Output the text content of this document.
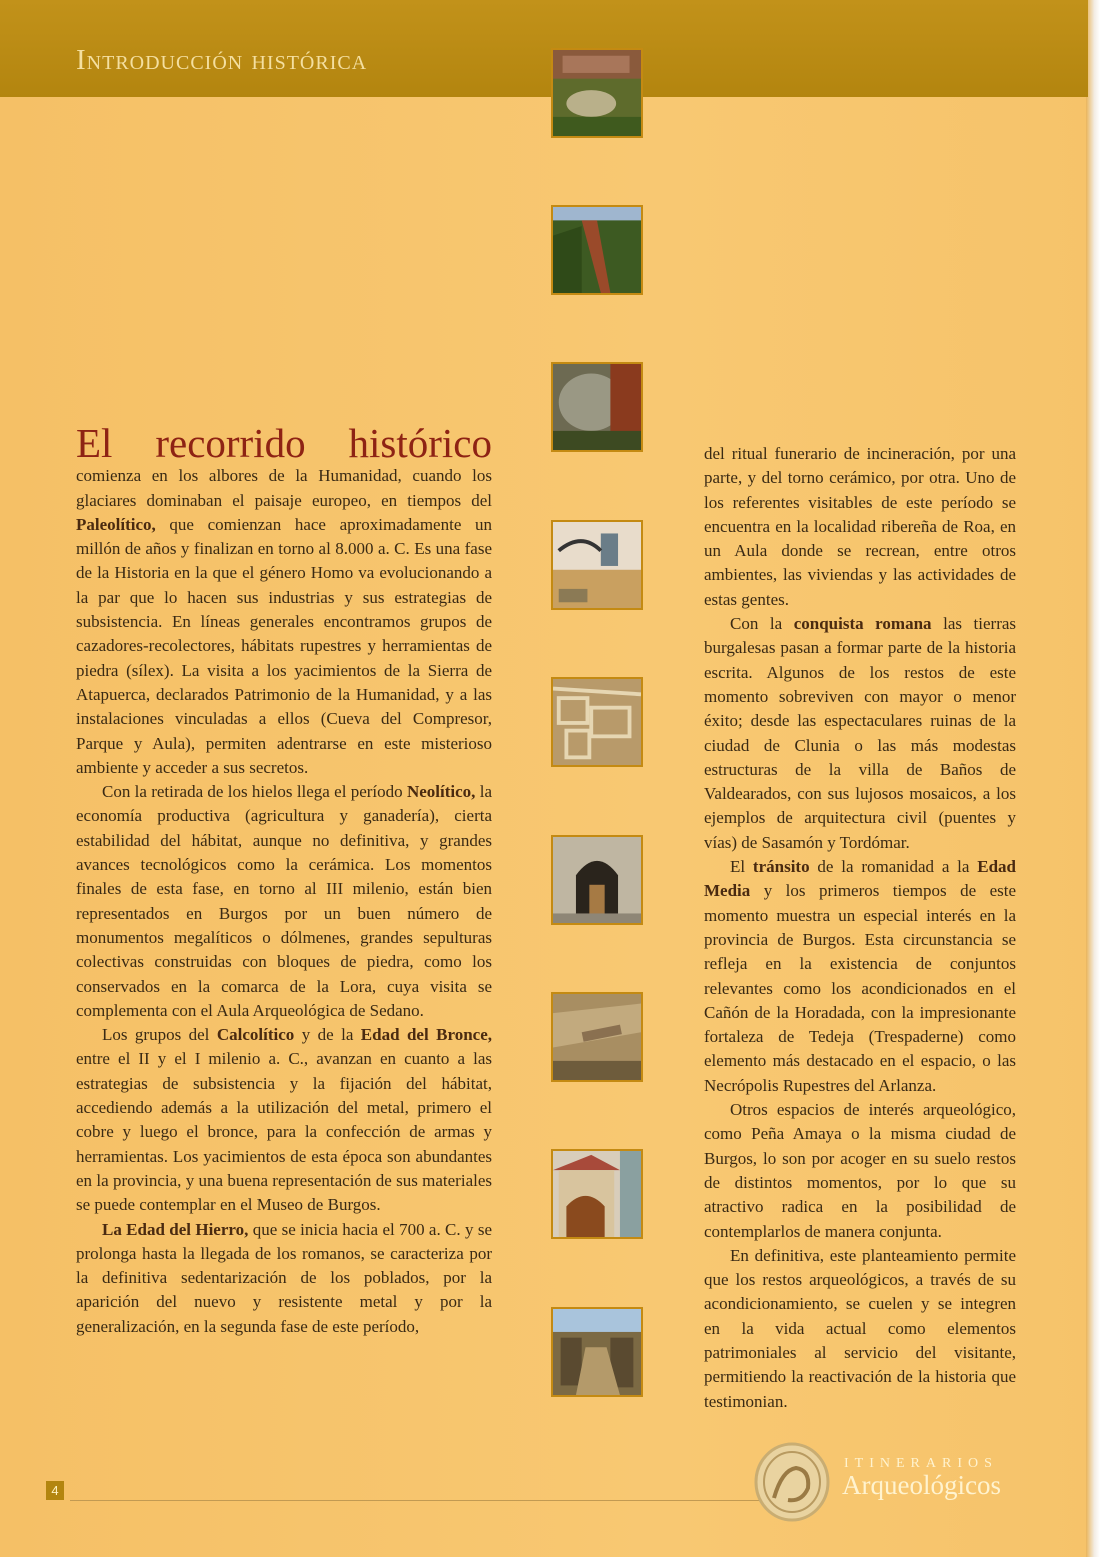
Introducción histórica

El recorrido histórico comienza en los albores de la Humanidad, cuando los glaciares dominaban el paisaje europeo, en tiempos del Paleolítico, que comienzan hace aproximadamente un millón de años y finalizan en torno al 8.000 a. C. Es una fase de la Historia en la que el género Homo va evolucionando a la par que lo hacen sus industrias y sus estrategias de subsistencia. En líneas generales encontramos grupos de cazadores-recolectores, hábitats rupestres y herramientas de piedra (sílex). La visita a los yacimientos de la Sierra de Atapuerca, declarados Patrimonio de la Humanidad, y a las instalaciones vinculadas a ellos (Cueva del Compresor, Parque y Aula), permiten adentrarse en este misterioso ambiente y acceder a sus secretos.

Con la retirada de los hielos llega el período Neolítico, la economía productiva (agricultura y ganadería), cierta estabilidad del hábitat, aunque no definitiva, y grandes avances tecnológicos como la cerámica. Los momentos finales de esta fase, en torno al III milenio, están bien representados en Burgos por un buen número de monumentos megalíticos o dólmenes, grandes sepulturas colectivas construidas con bloques de piedra, como los conservados en la comarca de la Lora, cuya visita se complementa con el Aula Arqueológica de Sedano.

Los grupos del Calcolítico y de la Edad del Bronce, entre el II y el I milenio a. C., avanzan en cuanto a las estrategias de subsistencia y la fijación del hábitat, accediendo además a la utilización del metal, primero el cobre y luego el bronce, para la confección de armas y herramientas. Los yacimientos de esta época son abundantes en la provincia, y una buena representación de sus materiales se puede contemplar en el Museo de Burgos.

La Edad del Hierro, que se inicia hacia el 700 a. C. y se prolonga hasta la llegada de los romanos, se caracteriza por la definitiva sedentarización de los poblados, por la aparición del nuevo y resistente metal y por la generalización, en la segunda fase de este período,

del ritual funerario de incineración, por una parte, y del torno cerámico, por otra. Uno de los referentes visitables de este período se encuentra en la localidad ribereña de Roa, en un Aula donde se recrean, entre otros ambientes, las viviendas y las actividades de estas gentes.

Con la conquista romana las tierras burgalesas pasan a formar parte de la historia escrita. Algunos de los restos de este momento sobreviven con mayor o menor éxito; desde las espectaculares ruinas de la ciudad de Clunia o las más modestas estructuras de la villa de Baños de Valdearados, con sus lujosos mosaicos, a los ejemplos de arquitectura civil (puentes y vías) de Sasamón y Tordómar.

El tránsito de la romanidad a la Edad Media y los primeros tiempos de este momento muestra un especial interés en la provincia de Burgos. Esta circunstancia se refleja en la existencia de conjuntos relevantes como los acondicionados en el Cañón de la Horadada, con la impresionante fortaleza de Tedeja (Trespaderne) como elemento más destacado en el espacio, o las Necrópolis Rupestres del Arlanza.

Otros espacios de interés arqueológico, como Peña Amaya o la misma ciudad de Burgos, lo son por acoger en su suelo restos de distintos momentos, por lo que su atractivo radica en la posibilidad de contemplarlos de manera conjunta.

En definitiva, este planteamiento permite que los restos arqueológicos, a través de su acondicionamiento, se cuelen y se integren en la vida actual como elementos patrimoniales al servicio del visitante, permitiendo la reactivación de la historia que testimonian.

4
ITINERARIOS
Arqueológicos
